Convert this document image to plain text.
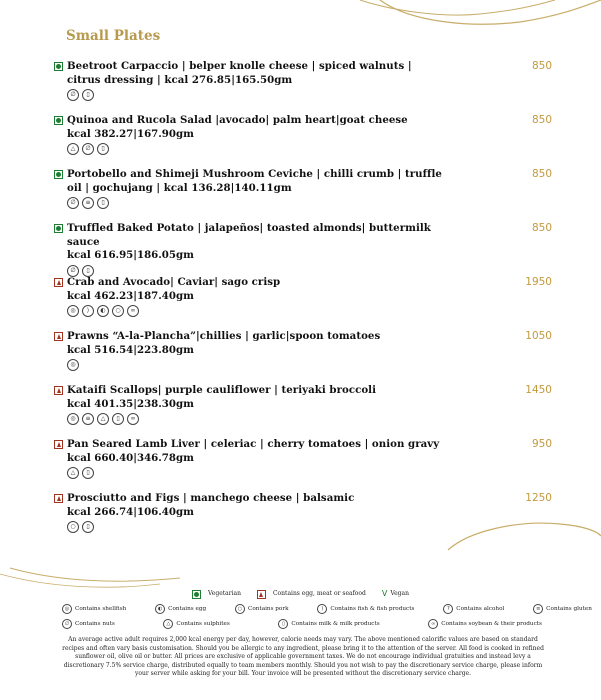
Small Plates
Beetroot Carpaccio | belper knolle cheese | spiced walnuts | citrus dressing | kcal 276.85|165.50gm
∅	▯
850
Quinoa and Rucola Salad |avocado| palm heart|goat cheese
kcal 382.27|167.90gm
△	∅	▯
850
Portobello and Shimeji Mushroom Ceviche | chilli crumb | truffle oil | gochujang | kcal 136.28|140.11gm
∅	≡	▯
850
Truffled Baked Potato | jalapeños| toasted almonds| buttermilk sauce
kcal 616.95|186.05gm
∅	▯
850
Crab and Avocado| Caviar| sago crisp
kcal 462.23|187.40gm
◎	⟩	◐	○	∞
1950
Prawns “A-la-Plancha”|chillies | garlic|spoon tomatoes
kcal 516.54|223.80gm
◎
1050
Kataifi Scallops| purple cauliflower | teriyaki broccoli
kcal 401.35|238.30gm
◎	≡	△	▯	∞
1450
Pan Seared Lamb Liver | celeriac | cherry tomatoes | onion gravy
kcal 660.40|346.78gm
△	▯
950
Prosciutto and Figs | manchego cheese | balsamic
kcal 266.74|106.40gm
○	▯
1250
Vegetarian	Contains egg, meat or seafood V Vegan
◎	Contains shellfish	◐	Contains egg	○	Contains pork	⟩	Contains fish & fish products	?	Contains alcohol	≡	Contains gluten
∅	Contains nuts	△	Contains sulphites	▯	Contains milk & milk products	∞	Contains soybean & their products
An average active adult requires 2,000 kcal energy per day, however, calorie needs may vary. The above mentioned calorific values are based on standard recipes and often vary basis customisation. Should you be allergic to any ingredient, please bring it to the attention of the server. All food is cooked in refined sunflower oil, olive oil or butter. All prices are exclusive of applicable government taxes. We do not encourage individual gratuities and instead levy a discretionary 7.5% service charge, distributed equally to team members monthly. Should you not wish to pay the discretionary service charge, please inform your server while asking for your bill. Your invoice will be presented without the discretionary service charge.
